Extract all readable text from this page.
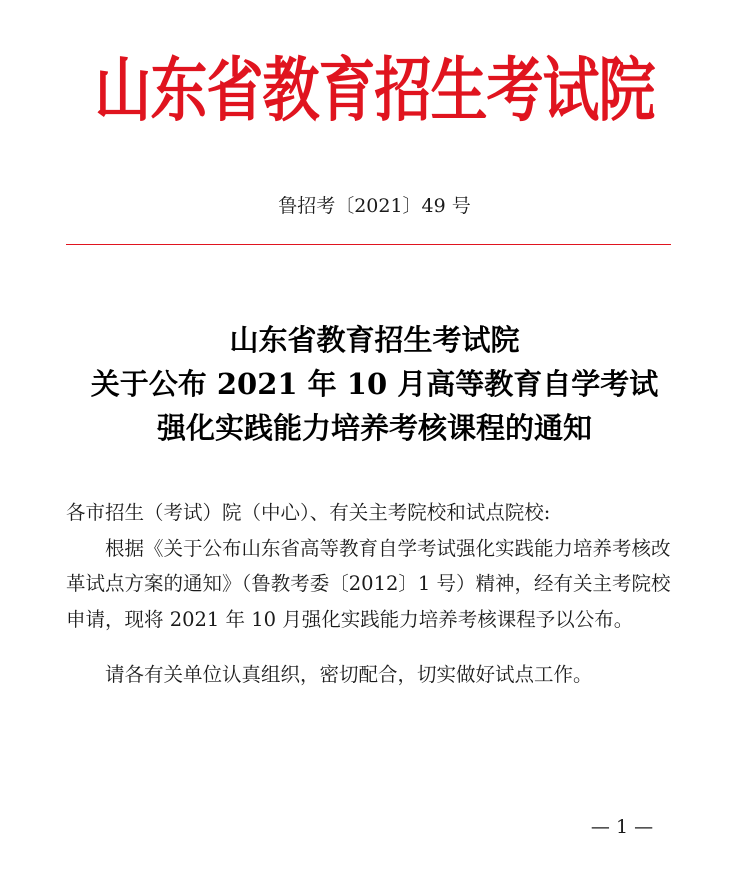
山东省教育招生考试院
鲁招考〔2021〕49 号
山东省教育招生考试院
关于公布 2021 年 10 月高等教育自学考试
强化实践能力培养考核课程的通知
各市招生（考试）院（中心）、有关主考院校和试点院校:

根据《关于公布山东省高等教育自学考试强化实践能力培养考核改革试点方案的通知》（鲁教考委〔2012〕1 号）精神，经有关主考院校申请，现将 2021 年 10 月强化实践能力培养考核课程予以公布。

请各有关单位认真组织，密切配合，切实做好试点工作。

— 1 —
